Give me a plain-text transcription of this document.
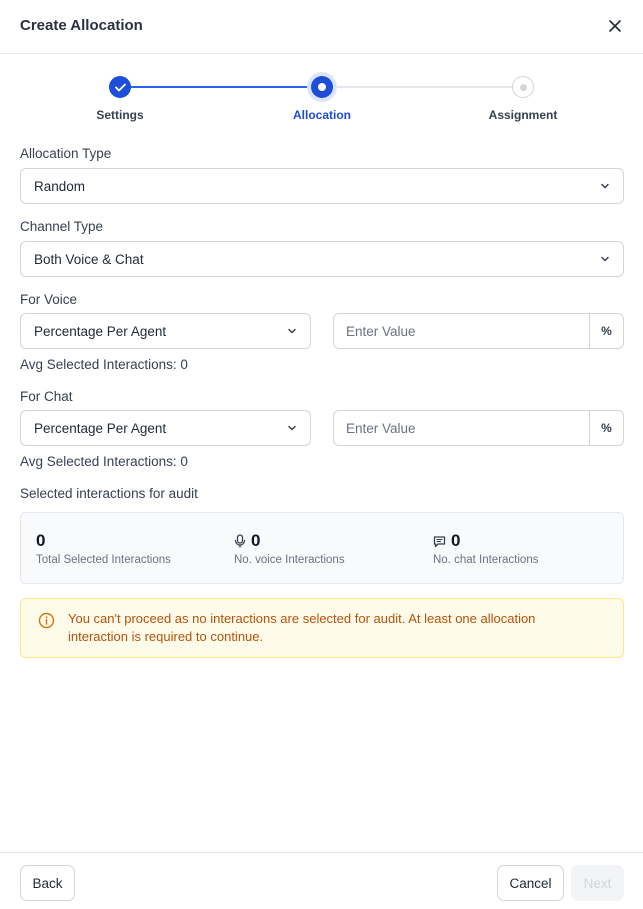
Create Allocation
Settings	Allocation	Assignment
Allocation Type
Random
Channel Type
Both Voice & Chat
For Voice
Percentage Per Agent
Enter Value	%
Avg Selected Interactions: 0
For Chat
Percentage Per Agent
Enter Value	%
Avg Selected Interactions: 0
Selected interactions for audit
0
Total Selected Interactions
0
No. voice Interactions
0
No. chat Interactions
You can't proceed as no interactions are selected for audit. At least one allocation interaction is required to continue.
Back	Cancel	Next
